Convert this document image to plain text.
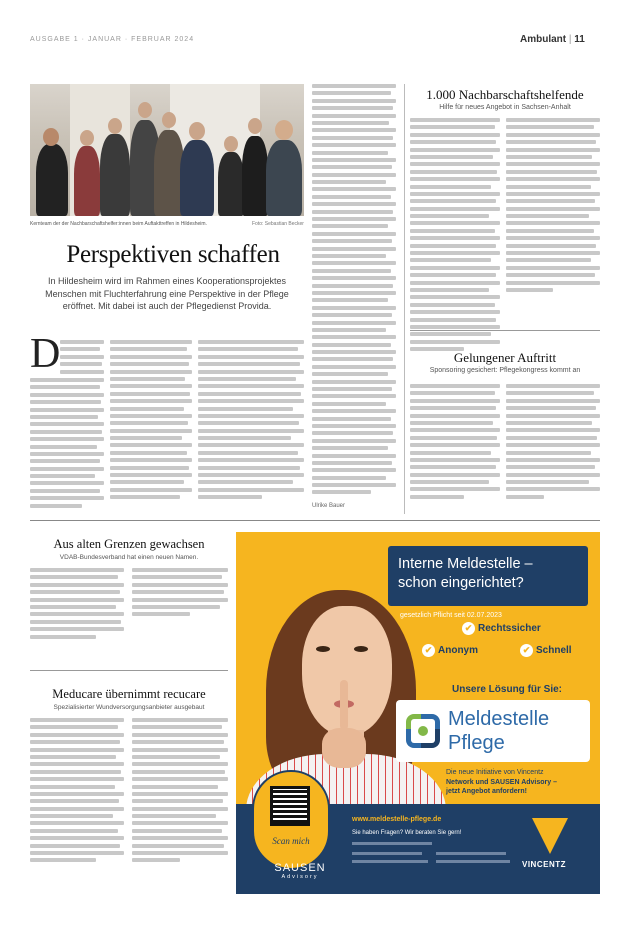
AUSGABE 1 · JANUAR · FEBRUAR 2024	Ambulant | 11
Kernteam der der Nachbarschaftshelfer:innen beim Auftakttreffen in Hildesheim.	Foto: Sebastian Becker
Perspektiven schaffen
In Hildesheim wird im Rahmen eines Kooperationsprojektes Menschen mit Fluchterfahrung eine Perspektive in der Pflege eröffnet. Mit dabei ist auch der Pflegedienst Provida.
D
Ulrike Bauer
1.000 Nachbarschaftshelfende
Hilfe für neues Angebot in Sachsen-Anhalt
Gelungener Auftritt
Sponsoring gesichert: Pflegekongress kommt an
Aus alten Grenzen gewachsen
VDAB-Bundesverband hat einen neuen Namen.
Meducare übernimmt recucare
Spezialisierter Wundversorgungsanbieter ausgebaut
Interne Meldestelle –
schon eingerichtet?
gesetzlich Pflicht seit 02.07.2023
✔ Rechtssicher
✔ Anonym	✔ Schnell
Unsere Lösung für Sie:
Meldestelle
Pflege
Die neue Initiative von Vincentz
Network und SAUSEN Advisory –
jetzt Angebot anfordern!
Scan mich
www.meldestelle-pflege.de
Sie haben Fragen? Wir beraten Sie gern!
SAUSEN
Advisory
VINCENTZ
